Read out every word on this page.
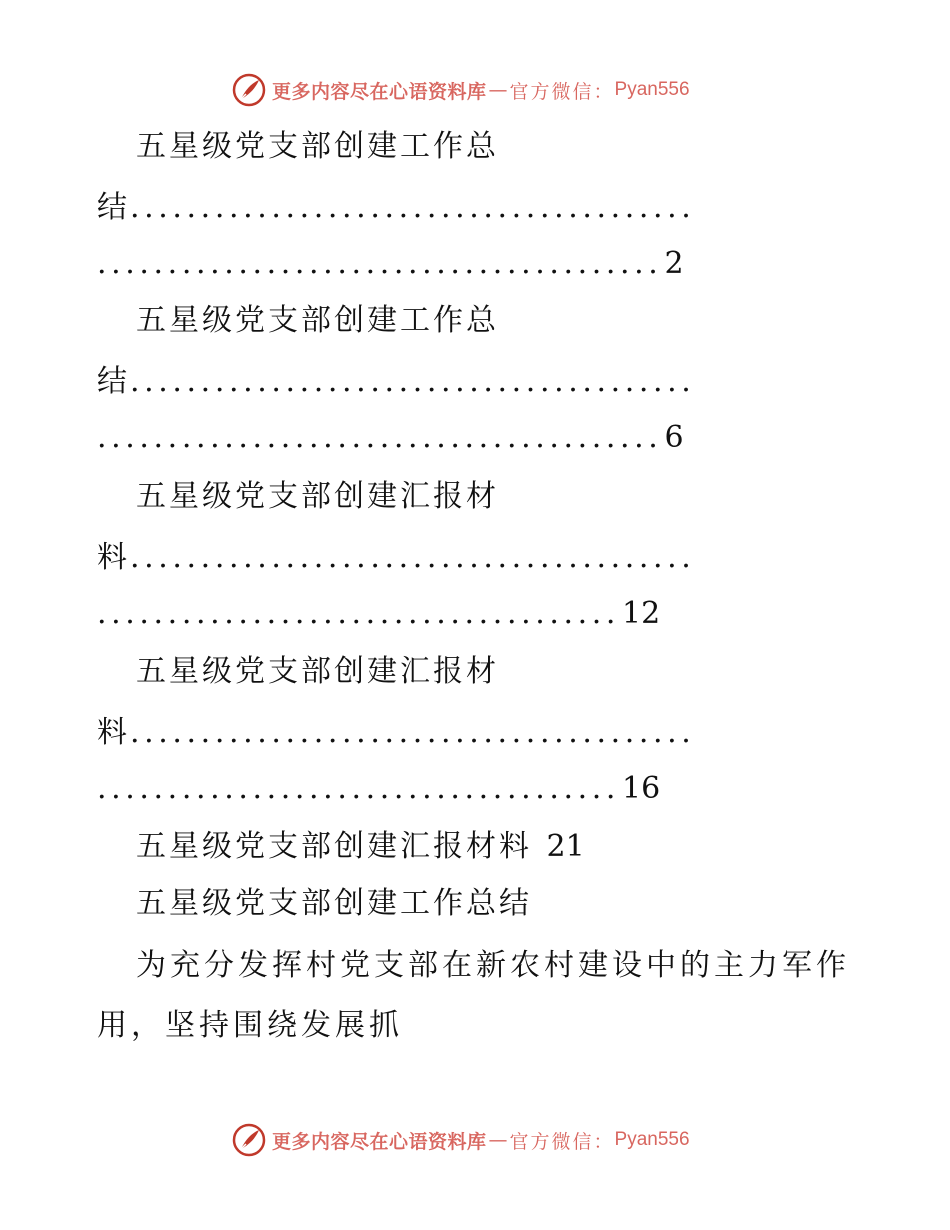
更多内容尽在心语资料库 — 官方微信： Pyan556
五星级党支部创建工作总
结........................................
........................................2
五星级党支部创建工作总
结........................................
........................................6
五星级党支部创建汇报材
料........................................
.....................................12
五星级党支部创建汇报材
料........................................
.....................................16
五星级党支部创建汇报材料 21
五星级党支部创建工作总结
为充分发挥村党支部在新农村建设中的主力军作用，坚持围绕发展抓
更多内容尽在心语资料库 — 官方微信： Pyan556
